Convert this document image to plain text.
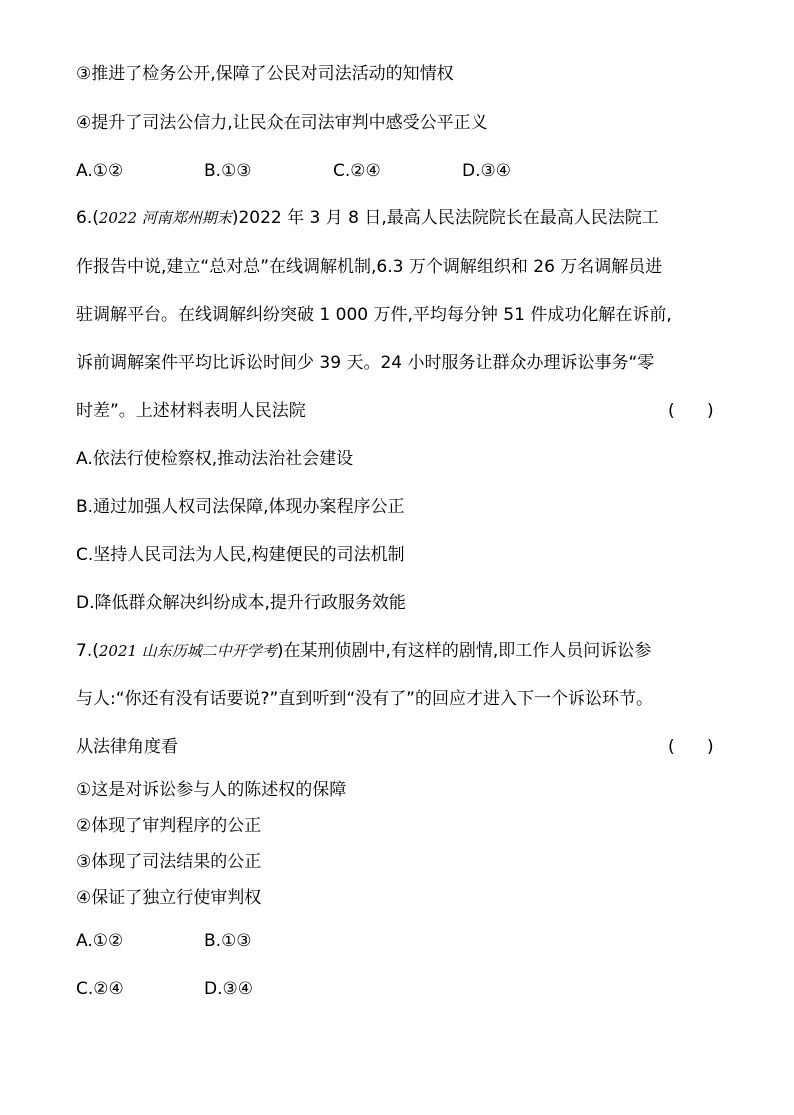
③推进了检务公开,保障了公民对司法活动的知情权
④提升了司法公信力,让民众在司法审判中感受公平正义
A.①②	B.①③	C.②④	D.③④
6.(2022 河南郑州期末)2022 年 3 月 8 日,最高人民法院院长在最高人民法院工
作报告中说,建立“总对总”在线调解机制,6.3 万个调解组织和 26 万名调解员进
驻调解平台。在线调解纠纷突破 1 000 万件,平均每分钟 51 件成功化解在诉前,
诉前调解案件平均比诉讼时间少 39 天。24 小时服务让群众办理诉讼事务“零
时差”。上述材料表明人民法院	(      )
A.依法行使检察权,推动法治社会建设
B.通过加强人权司法保障,体现办案程序公正
C.坚持人民司法为人民,构建便民的司法机制
D.降低群众解决纠纷成本,提升行政服务效能
7.(2021 山东历城二中开学考)在某刑侦剧中,有这样的剧情,即工作人员问诉讼参
与人:“你还有没有话要说?”直到听到“没有了”的回应才进入下一个诉讼环节。
从法律角度看	(      )
①这是对诉讼参与人的陈述权的保障
②体现了审判程序的公正
③体现了司法结果的公正
④保证了独立行使审判权
A.①②	B.①③
C.②④	D.③④
